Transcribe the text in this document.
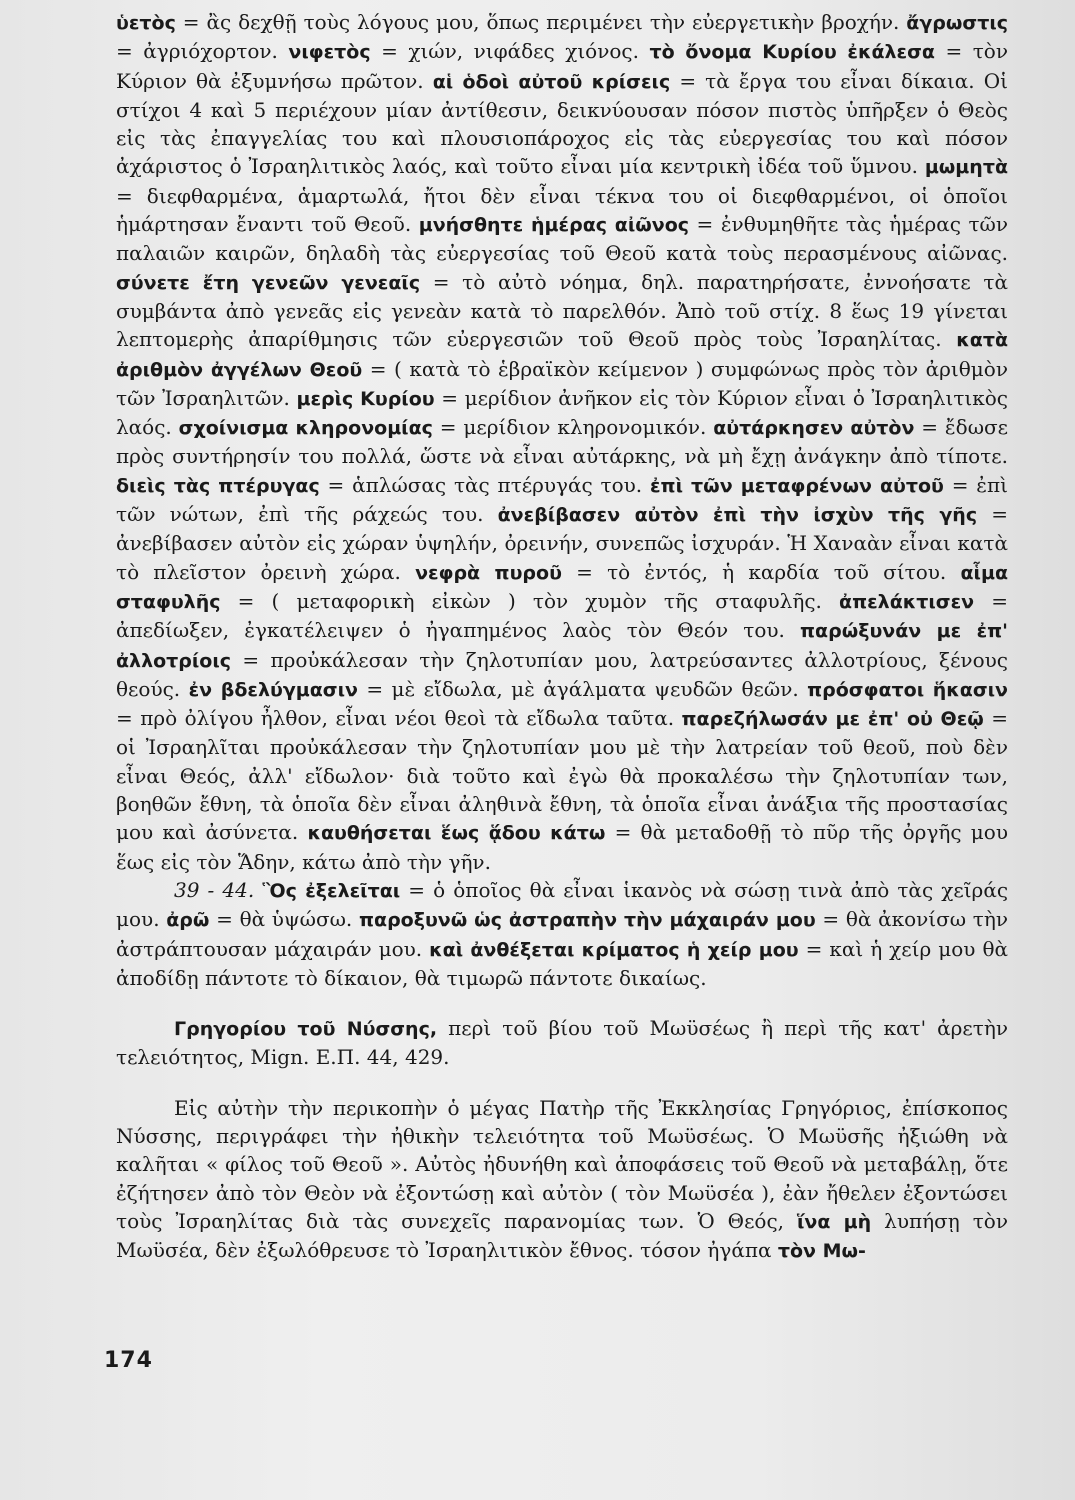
ὑετὸς = ἂς δεχθῇ τοὺς λόγους μου, ὅπως περιμένει τὴν εὐεργετικὴν βροχήν. ἄγρωστις = ἀγριόχορτον. νιφετὸς = χιών, νιφάδες χιόνος. τὸ ὄνομα Κυρίου ἐκάλεσα = τὸν Κύριον θὰ ἐξυμνήσω πρῶτον. αἱ ὁδοὶ αὐτοῦ κρίσεις = τὰ ἔργα του εἶναι δίκαια. Οἱ στίχοι 4 καὶ 5 περιέχουν μίαν ἀντίθεσιν, δεικνύουσαν πόσον πιστὸς ὑπῆρξεν ὁ Θεὸς εἰς τὰς ἐπαγγελίας του καὶ πλουσιοπάροχος εἰς τὰς εὐεργεσίας του καὶ πόσον ἀχάριστος ὁ Ἰσραηλιτικὸς λαός, καὶ τοῦτο εἶναι μία κεντρικὴ ἰδέα τοῦ ὕμνου. μωμητὰ = διεφθαρμένα, ἁμαρτωλά, ἤτοι δὲν εἶναι τέκνα του οἱ διεφθαρμένοι, οἱ ὁποῖοι ἡμάρτησαν ἔναντι τοῦ Θεοῦ. μνήσθητε ἡμέρας αἰῶνος = ἐνθυμηθῆτε τὰς ἡμέρας τῶν παλαιῶν καιρῶν, δηλαδὴ τὰς εὐεργεσίας τοῦ Θεοῦ κατὰ τοὺς περασμένους αἰῶνας. σύνετε ἔτη γενεῶν γενεαῖς = τὸ αὐτὸ νόημα, δηλ. παρατηρήσατε, ἐννοήσατε τὰ συμβάντα ἀπὸ γενεᾶς εἰς γενεὰν κατὰ τὸ παρελθόν. Ἀπὸ τοῦ στίχ. 8 ἕως 19 γίνεται λεπτομερὴς ἀπαρίθμησις τῶν εὐεργεσιῶν τοῦ Θεοῦ πρὸς τοὺς Ἰσραηλίτας. κατὰ ἀριθμὸν ἀγγέλων Θεοῦ = ( κατὰ τὸ ἑβραϊκὸν κείμενον ) συμφώνως πρὸς τὸν ἀριθμὸν τῶν Ἰσραηλιτῶν. μερὶς Κυρίου = μερίδιον ἀνῆκον εἰς τὸν Κύριον εἶναι ὁ Ἰσραηλιτικὸς λαός. σχοίνισμα κληρονομίας = μερίδιον κληρονομικόν. αὐτάρκησεν αὐτὸν = ἔδωσε πρὸς συντήρησίν του πολλά, ὥστε νὰ εἶναι αὐτάρκης, νὰ μὴ ἔχῃ ἀνάγκην ἀπὸ τίποτε. διεὶς τὰς πτέρυγας = ἁπλώσας τὰς πτέρυγάς του. ἐπὶ τῶν μεταφρένων αὐτοῦ = ἐπὶ τῶν νώτων, ἐπὶ τῆς ράχεώς του. ἀνεβίβασεν αὐτὸν ἐπὶ τὴν ἰσχὺν τῆς γῆς = ἀνεβίβασεν αὐτὸν εἰς χώραν ὑψηλήν, ὀρεινήν, συνεπῶς ἰσχυράν. Ἡ Χαναὰν εἶναι κατὰ τὸ πλεῖστον ὀρεινὴ χώρα. νεφρὰ πυροῦ = τὸ ἐντός, ἡ καρδία τοῦ σίτου. αἷμα σταφυλῆς = ( μεταφορικὴ εἰκὼν ) τὸν χυμὸν τῆς σταφυλῆς. ἀπελάκτισεν = ἀπεδίωξεν, ἐγκατέλειψεν ὁ ἠγαπημένος λαὸς τὸν Θεόν του. παρώξυνάν με ἐπ' ἀλλοτρίοις = προὐκάλεσαν τὴν ζηλοτυπίαν μου, λατρεύσαντες ἀλλοτρίους, ξένους θεούς. ἐν βδελύγμασιν = μὲ εἴδωλα, μὲ ἀγάλματα ψευδῶν θεῶν. πρόσφατοι ἥκασιν = πρὸ ὀλίγου ἦλθον, εἶναι νέοι θεοὶ τὰ εἴδωλα ταῦτα. παρεζήλωσάν με ἐπ' οὐ Θεῷ = οἱ Ἰσραηλῖται προὐκάλεσαν τὴν ζηλοτυπίαν μου μὲ τὴν λατρείαν τοῦ θεοῦ, ποὺ δὲν εἶναι Θεός, ἀλλ' εἴδωλον· διὰ τοῦτο καὶ ἐγὼ θὰ προκαλέσω τὴν ζηλοτυπίαν των, βοηθῶν ἔθνη, τὰ ὁποῖα δὲν εἶναι ἀληθινὰ ἔθνη, τὰ ὁποῖα εἶναι ἀνάξια τῆς προστασίας μου καὶ ἀσύνετα. καυθήσεται ἕως ᾅδου κάτω = θὰ μεταδοθῇ τὸ πῦρ τῆς ὀργῆς μου ἕως εἰς τὸν Ἅδην, κάτω ἀπὸ τὴν γῆν.

39 - 44. Ὃς ἐξελεῖται = ὁ ὁποῖος θὰ εἶναι ἱκανὸς νὰ σώσῃ τινὰ ἀπὸ τὰς χεῖράς μου. ἀρῶ = θὰ ὑψώσω. παροξυνῶ ὡς ἀστραπὴν τὴν μάχαιράν μου = θὰ ἀκονίσω τὴν ἀστράπτουσαν μάχαιράν μου. καὶ ἀνθέξεται κρίματος ἡ χείρ μου = καὶ ἡ χείρ μου θὰ ἀποδίδῃ πάντοτε τὸ δίκαιον, θὰ τιμωρῶ πάντοτε δικαίως.

Γρηγορίου τοῦ Νύσσης, περὶ τοῦ βίου τοῦ Μωϋσέως ἢ περὶ τῆς κατ' ἀρετὴν τελειότητος, Mign. Ε.Π. 44, 429.

Εἰς αὐτὴν τὴν περικοπὴν ὁ μέγας Πατὴρ τῆς Ἐκκλησίας Γρηγόριος, ἐπίσκοπος Νύσσης, περιγράφει τὴν ἠθικὴν τελειότητα τοῦ Μωϋσέως. Ὁ Μωϋσῆς ἠξιώθη νὰ καλῆται « φίλος τοῦ Θεοῦ ». Αὐτὸς ἠδυνήθη καὶ ἀποφάσεις τοῦ Θεοῦ νὰ μεταβάλῃ, ὅτε ἐζήτησεν ἀπὸ τὸν Θεὸν νὰ ἐξοντώσῃ καὶ αὐτὸν ( τὸν Μωϋσέα ), ἐὰν ἤθελεν ἐξοντώσει τοὺς Ἰσραηλίτας διὰ τὰς συνεχεῖς παρανομίας των. Ὁ Θεός, ἵνα μὴ λυπήσῃ τὸν Μωϋσέα, δὲν ἐξωλόθρευσε τὸ Ἰσραηλιτικὸν ἔθνος. τόσον ἠγάπα τὸν Μω-

174
